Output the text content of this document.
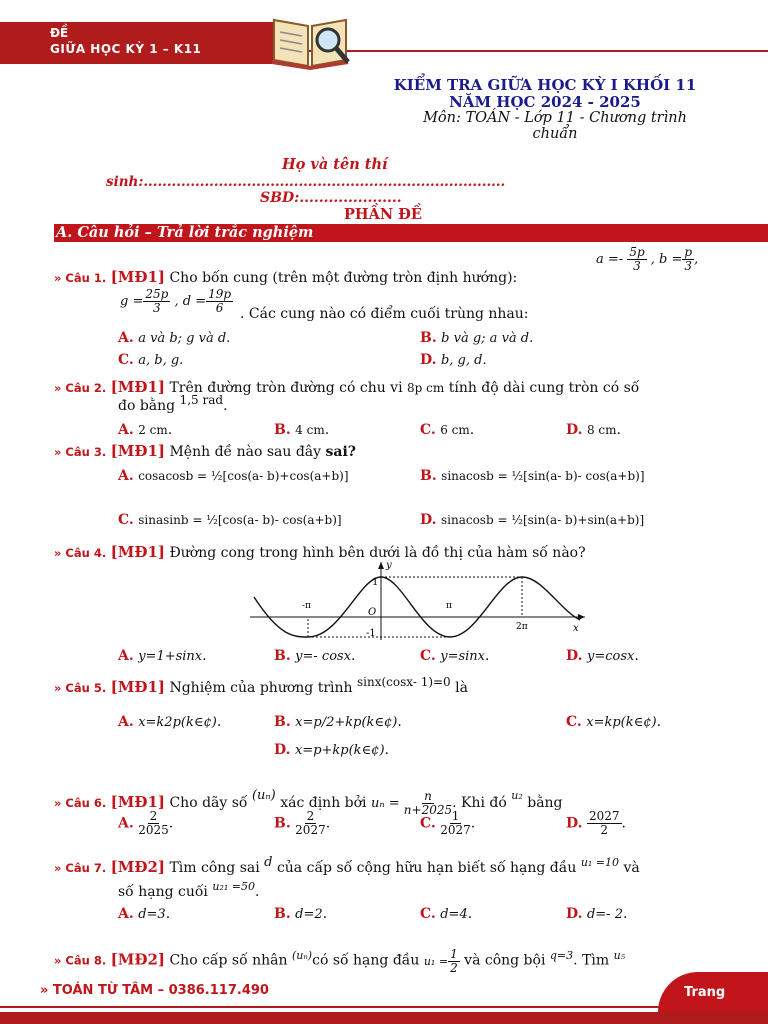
ĐỀ
GIỮA HỌC KỲ 1 – K11
KIỂM TRA GIỮA HỌC KỲ I KHỐI 11
NĂM HỌC 2024 - 2025
Môn: TOÁN - Lớp 11 - Chương trình chuẩn
Họ và tên thí
sinh:.............................................................................
SBD:.....................
PHẦN ĐỀ
A. Câu hỏi – Trả lời trắc nghiệm
» Câu 1. [MĐ1] Cho bốn cung (trên một đường tròn định hướng):
$a =- \frac{5p}{3}$ , $b = \frac{p}{3}$ ,
$g = \frac{25p}{3}$ , $d = \frac{19p}{6}$ . Các cung nào có điểm cuối trùng nhau:
A. a và b; g và d.	B. b và g; a và d.
C. a, b, g.	D. b, g, d.
» Câu 2. [MĐ1] Trên đường tròn đường có chu vi 8p cm tính độ dài cung tròn có số
đo bằng 1,5 rad.
A. 2 cm.	B. 4 cm.	C. 6 cm.	D. 8 cm.
» Câu 3. [MĐ1] Mệnh đề nào sau đây sai?
A. cosacosb = ½[cos(a- b)+cos(a+b)]	B. sinacosb = ½[sin(a- b)- cos(a+b)]
C. sinasinb = ½[cos(a- b)- cos(a+b)]	D. sinacosb = ½[sin(a- b)+sin(a+b)]
» Câu 4. [MĐ1] Đường cong trong hình bên dưới là đồ thị của hàm số nào?
y
x
O
-π	π
2π
1
-1
A. y=1+sinx.	B. y=- cosx.	C. y=sinx.	D. y=cosx.
» Câu 5. [MĐ1] Nghiệm của phương trình sinx(cosx- 1)=0 là
A. x=k2p(k∈¢).	B. x=p/2+kp(k∈¢).	C. x=kp(k∈¢).
D. x=p+kp(k∈¢).
» Câu 6. [MĐ1] Cho dãy số (uₙ) xác định bởi $u_n = \frac{n}{n+2025}$ . Khi đó $^{u_2}$ bằng
A. $\frac{2}{2025}$ .	B. $\frac{2}{2027}$ .	C. $\frac{1}{2027}$ .	D. $\frac{2027}{2}$ .
» Câu 7. [MĐ2] Tìm công sai d của cấp số cộng hữu hạn biết số hạng đầu $^{u_1 =10}$ và
số hạng cuối $^{u_{21} =50}$.
A. d=3.	B. d=2.	C. d=4.	D. d=- 2.
» Câu 8. [MĐ2] Cho cấp số nhân $^{(u_n)}$có số hạng đầu $u_1 = \frac{1}{2}$ và công bội $^{q=3}$. Tìm $^{u_5}$
» TOÁN TỪ TÂM – 0386.117.490	Trang
